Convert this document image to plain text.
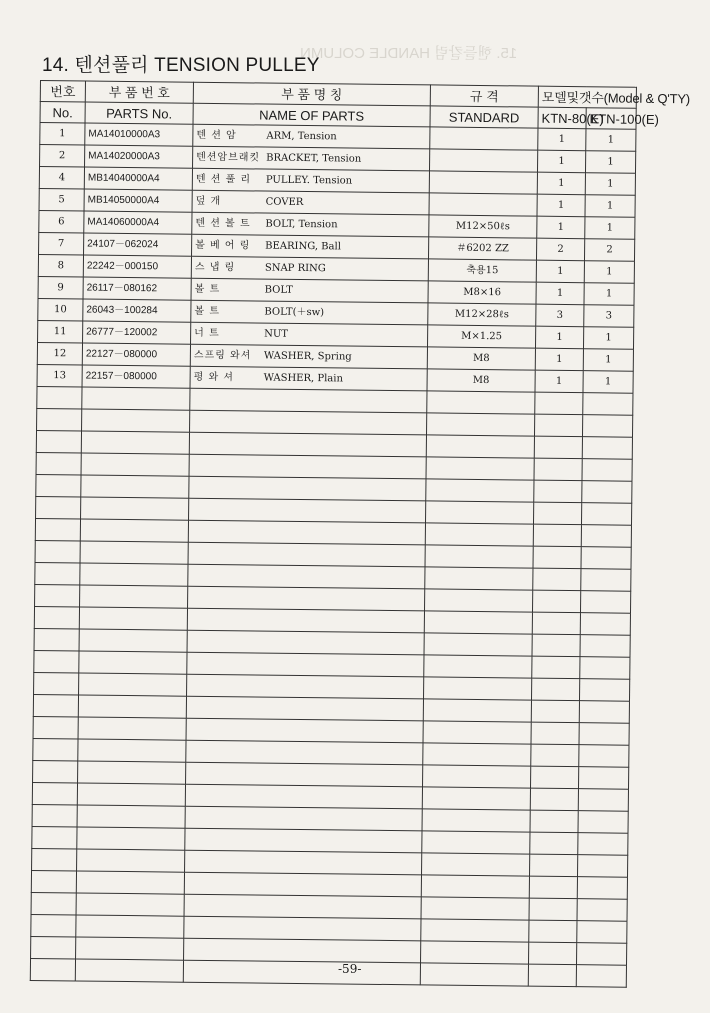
15. 핸들칼럼 HANDLE COLUMN
14. 텐션풀리 TENSION PULLEY
번호	부 품 번 호	부 품 명 칭	규 격	모델및갯수(Model & Q'TY)	
No.	PARTS No.	NAME OF PARTS	STANDARD	KTN-80(E)	KTN-100(E)
1	MA14010000A3	텐 션 암 ARM, Tension		1	1
2	MA14020000A3	텐션암브래킷 BRACKET, Tension		1	1
4	MB14040000A4	텐 션 풀 리 PULLEY. Tension		1	1
5	MB14050000A4	덮 개 COVER		1	1
6	MA14060000A4	텐 션 볼 트 BOLT, Tension	M12×50ℓs	1	1
7	24107－062024	볼 베 어 링 BEARING, Ball	＃6202 ZZ	2	2
8	22242－000150	스 냅 링 SNAP RING	축용15	1	1
9	26117－080162	볼 트 BOLT	M8×16	1	1
10	26043－100284	볼 트 BOLT(＋sw)	M12×28ℓs	3	3
11	26777－120002	너 트 NUT	M×1.25	1	1
12	22127－080000	스프링 와셔 WASHER, Spring	M8	1	1
13	22157－080000	평 와 셔 WASHER, Plain	M8	1	1

-59-
